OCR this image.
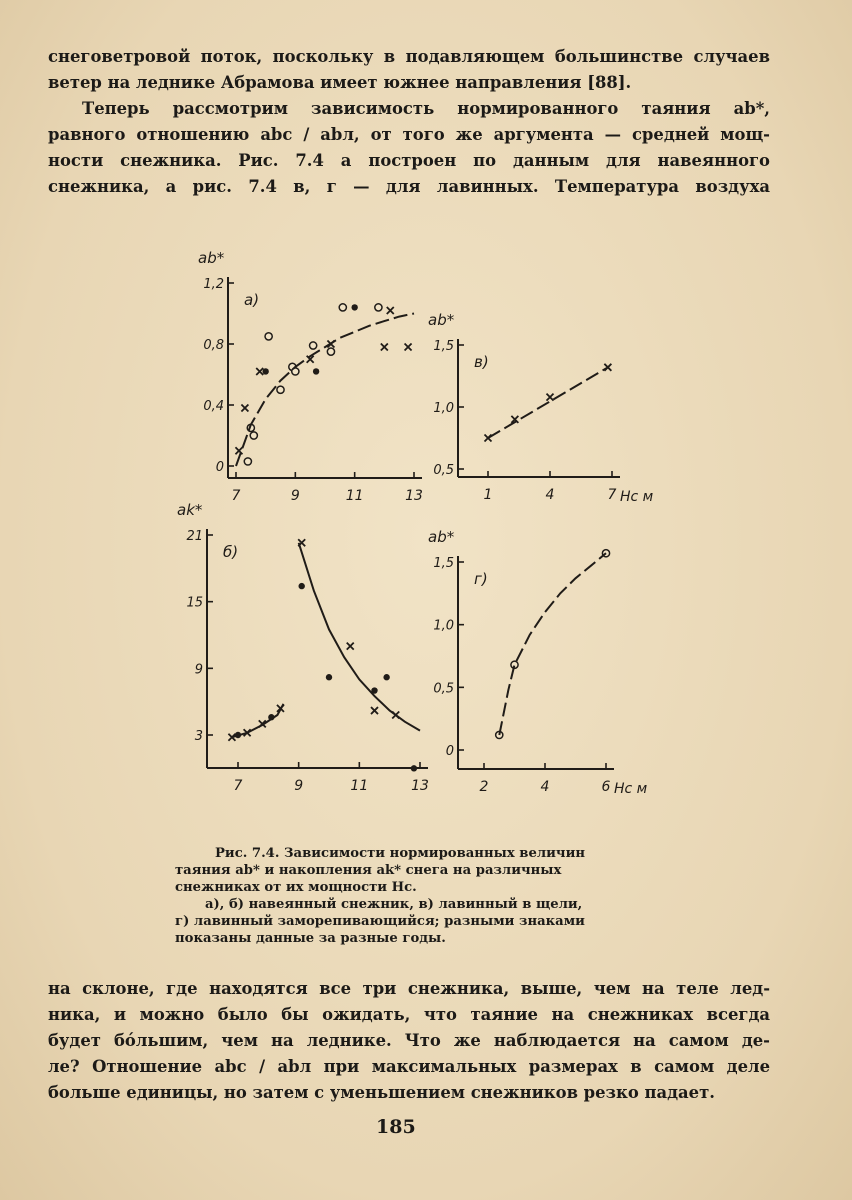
снеговетровой поток, поскольку в подавляющем большинстве случаев
ветер на леднике Абрамова имеет южнее направления [88].
Теперь рассмотрим зависимость нормированного таяния ab*,
равного отношению abс / abл, от того же аргумента — средней мощ-
ности снежника. Рис. 7.4 а построен по данным для навеянного
снежника, а рис. 7.4 в, г — для лавинных. Температура воздуха
0
0,4
0,8
1,2
7	9	11	13
ab*
а)
0,5
1,0
1,5
1	4	7
ab*
Нс м
в)
3
9
15
21
7	9	11	13
ak*
б)
0
0,5
1,0
1,5
2	4	6
ab*
Нс м
г)
Рис. 7.4. Зависимости нормированных величин
таяния ab* и накопления ak* снега на различных
снежниках от их мощности Нс.
а), б) навеянный снежник, в) лавинный в щели,
г) лавинный заморепивающийся; разными знаками
показаны данные за разные годы.
на склоне, где находятся все три снежника, выше, чем на теле лед-
ника, и можно было бы ожидать, что таяние на снежниках всегда
будет бóльшим, чем на леднике. Что же наблюдается на самом де-
ле? Отношение abс / abл при максимальных размерах в самом деле
больше единицы, но затем с уменьшением снежников резко падает.
185
